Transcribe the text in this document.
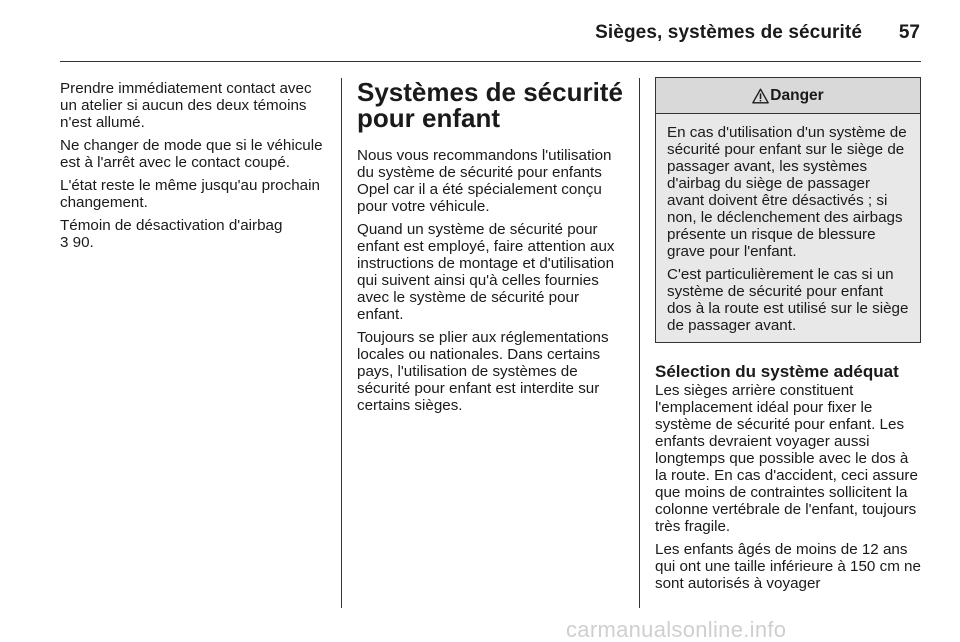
Sièges, systèmes de sécurité	57

Prendre immédiatement contact avec un atelier si aucun des deux témoins n'est allumé.

Ne changer de mode que si le véhicule est à l'arrêt avec le contact coupé.

L'état reste le même jusqu'au prochain changement.

Témoin de désactivation d'airbag

3 90.

Systèmes de sécurité pour enfant

Nous vous recommandons l'utilisation du système de sécurité pour enfants Opel car il a été spécialement conçu pour votre véhicule.

Quand un système de sécurité pour enfant est employé, faire attention aux instructions de montage et d'utilisation qui suivent ainsi qu'à celles fournies avec le système de sécurité pour enfant.

Toujours se plier aux réglementations locales ou nationales. Dans certains pays, l'utilisation de systèmes de sécurité pour enfant est interdite sur certains sièges.

Danger

En cas d'utilisation d'un système de sécurité pour enfant sur le siège de passager avant, les systèmes d'airbag du siège de passager avant doivent être désactivés ; si non, le déclenchement des airbags présente un risque de blessure grave pour l'enfant.

C'est particulièrement le cas si un système de sécurité pour enfant dos à la route est utilisé sur le siège de passager avant.

Sélection du système adéquat

Les sièges arrière constituent l'emplacement idéal pour fixer le système de sécurité pour enfant. Les enfants devraient voyager aussi longtemps que possible avec le dos à la route. En cas d'accident, ceci assure que moins de contraintes sollicitent la colonne vertébrale de l'enfant, toujours très fragile.

Les enfants âgés de moins de 12 ans qui ont une taille inférieure à 150 cm ne sont autorisés à voyager

carmanualsonline.info
